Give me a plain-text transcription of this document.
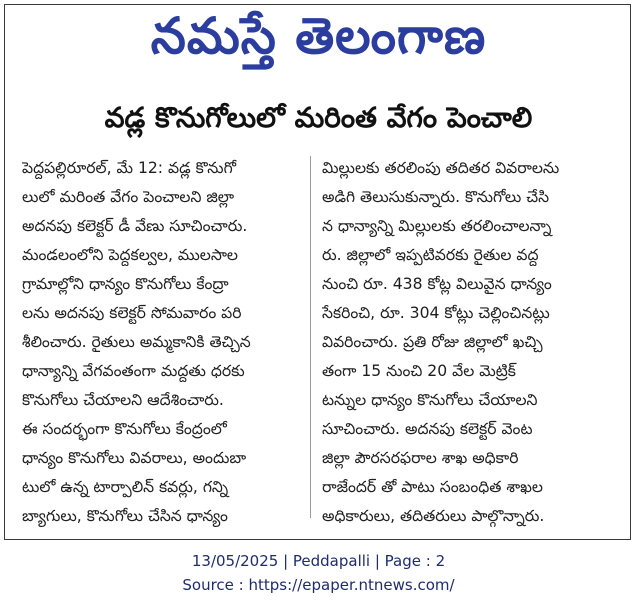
నమస్తే తెలంగాణ
వడ్ల కొనుగోలులో మరింత వేగం పెంచాలి
పెద్దపల్లిరూరల్, మే 12: వడ్ల కొనుగో
లులో మరింత వేగం పెంచాలని జిల్లా
అదనపు కలెక్టర్ డీ వేణు సూచించారు.
మండలంలోని పెద్దకల్వల, ములసాల
గ్రామాల్లోని ధాన్యం కొనుగోలు కేంద్రా
లను అదనపు కలెక్టర్ సోమవారం పరి
శీలించారు. రైతులు అమ్మకానికి తెచ్చిన
ధాన్యాన్ని వేగవంతంగా మద్దతు ధరకు
కొనుగోలు చేయాలని ఆదేశించారు.
ఈ సందర్భంగా కొనుగోలు కేంద్రంలో
ధాన్యం కొనుగోలు వివరాలు, అందుబా
టులో ఉన్న టార్పాలిన్ కవర్లు, గన్ని
బ్యాగులు, కొనుగోలు చేసిన ధాన్యం
మిల్లులకు తరలింపు తదితర వివరాలను
అడిగి తెలుసుకున్నారు. కొనుగోలు చేసి
న ధాన్యాన్ని మిల్లులకు తరలించాలన్నా
రు. జిల్లాలో ఇప్పటివరకు రైతుల వద్ద
నుంచి రూ. 438 కోట్ల విలువైన ధాన్యం
సేకరించి, రూ. 304 కోట్లు చెల్లించినట్లు
వివరించారు. ప్రతి రోజు జిల్లాలో ఖచ్చి
తంగా 15 నుంచి 20 వేల మెట్రిక్
టన్నుల ధాన్యం కొనుగోలు చేయాలని
సూచించారు. అదనపు కలెక్టర్ వెంట
జిల్లా పౌరసరఫరాల శాఖ అధికారి
రాజేందర్ తో పాటు సంబంధిత శాఖల
అధికారులు, తదితరులు పాల్గొన్నారు.
13/05/2025 | Peddapalli | Page : 2
Source : https://epaper.ntnews.com/
